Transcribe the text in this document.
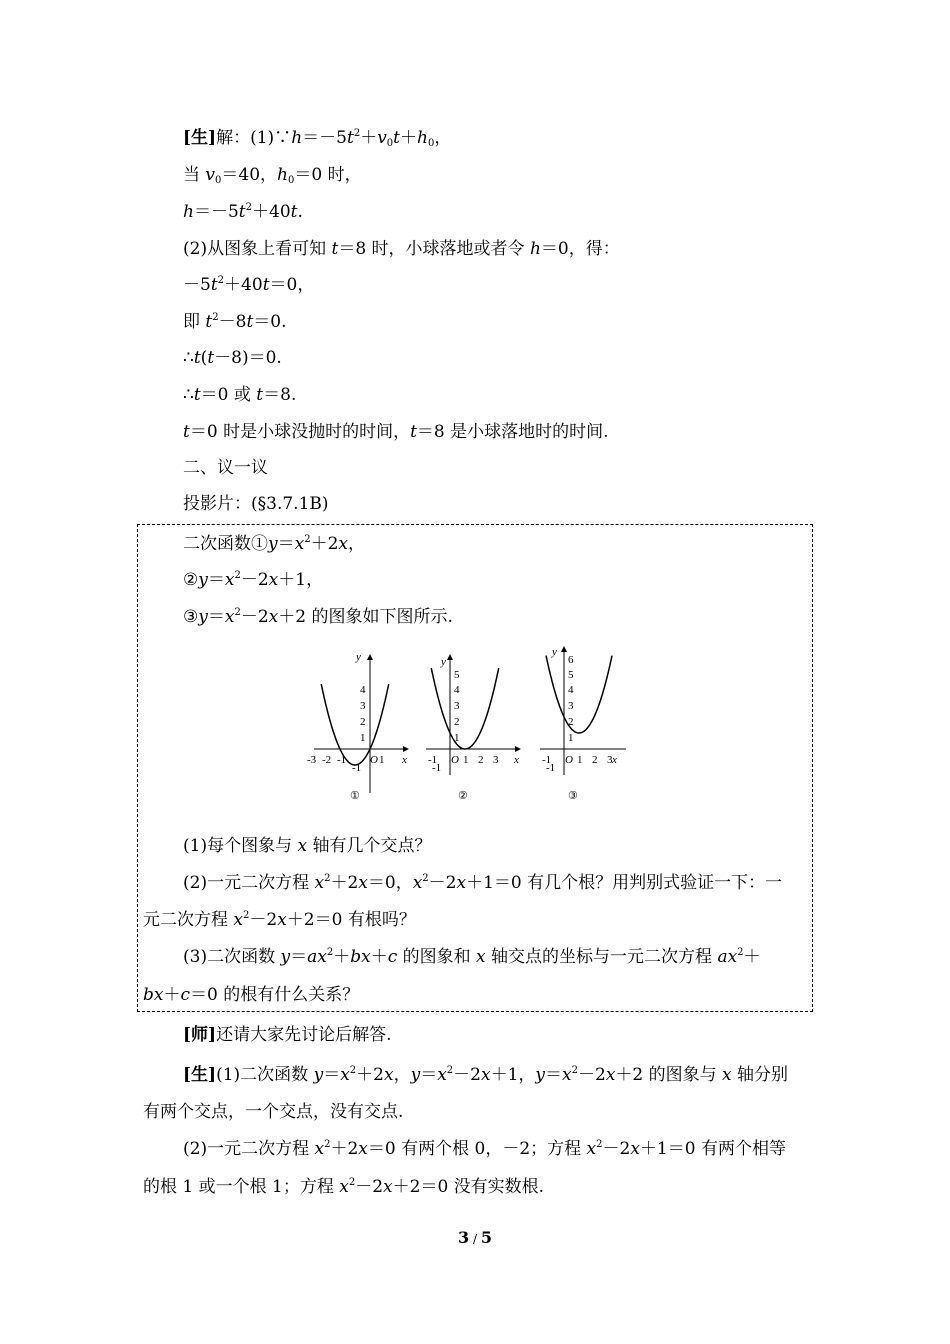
[生]解：$(1)\because h=-5t^2+v_0t+h_0$，
当 $v_0=40$，$h_0=0$ 时，
$h=-5t^2+40t$.
(2)从图象上看可知 t＝8 时，小球落地或者令 h＝0，得：
$-5t^2+40t=0$，
即 $t^2-8t=0$.
∴t(t－8)＝0.
∴t＝0 或 t＝8.
t＝0 时是小球没抛时的时间，t＝8 是小球落地时的时间.
二、议一议
投影片：(§3.7.1B)
二次函数$①y=x^2+2x$，
$②y=x^2-2x+1$，
$③y=x^2-2x+2$ 的图象如下图所示.
y
x
O
-3 -2 -1	1
1
2
3
4
-1
①
y
x
O
-1 1 2 3
1
2
3
4
5
-1
②
y
x
O
-1 1 2 3
1
2
3
4
5
6
-1
③
(1)每个图象与 x 轴有几个交点？
(2)一元二次方程 $x^2+2x=0$，$x^2-2x+1=0$ 有几个根？用判别式验证一下：一
元二次方程 $x^2-2x+2=0$ 有根吗？
(3)二次函数 $y=ax^2+bx+c$ 的图象和 x 轴交点的坐标与一元二次方程 $ax^2+$
bx＋c＝0 的根有什么关系？
[师]还请大家先讨论后解答.
[生](1)二次函数 $y=x^2+2x$，$y=x^2-2x+1$，$y=x^2-2x+2$ 的图象与 x 轴分别
有两个交点，一个交点，没有交点.
(2)一元二次方程 $x^2+2x=0$ 有两个根 0，－2；方程 $x^2-2x+1=0$ 有两个相等
的根 1 或一个根 1；方程 $x^2-2x+2=0$ 没有实数根.
3 / 5
